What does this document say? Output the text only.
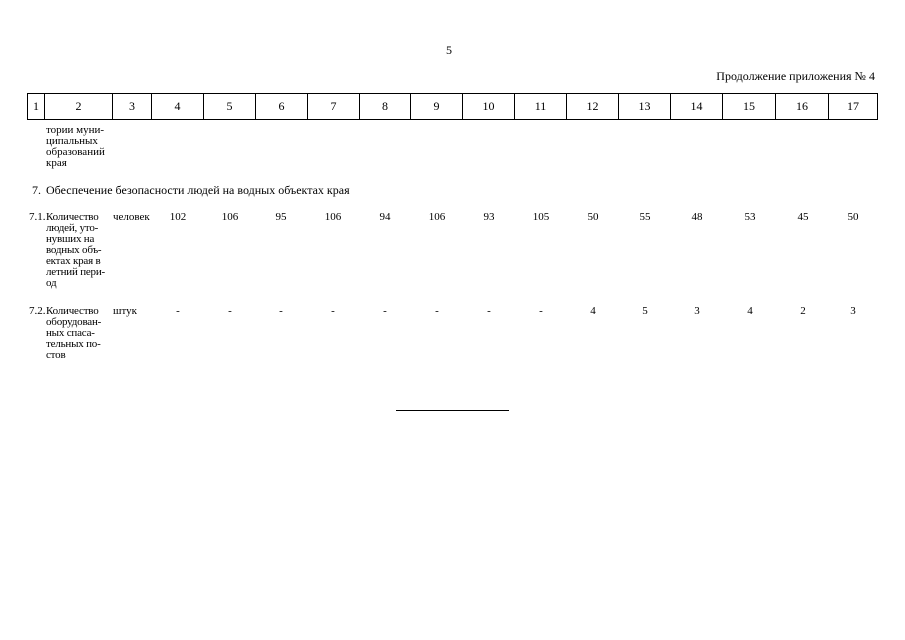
5
Продолжение приложения № 4
1	2	3	4	5	6	7	8	9	10	11	12	13	14	15	16	17
тории муни-
ципальных
образований
края
7. Обеспечение безопасности людей на водных объектах края
7.1. Количество
людей, уто-
нувших на
водных объ-
ектах края в
летний пери-
од
человек	102	106	95	106	94	106	93	105	50	55	48	53	45	50
7.2. Количество
оборудован-
ных спаса-
тельных по-
стов
штук	-	-	-	-	-	-	-	-	4	5	3	4	2	3
